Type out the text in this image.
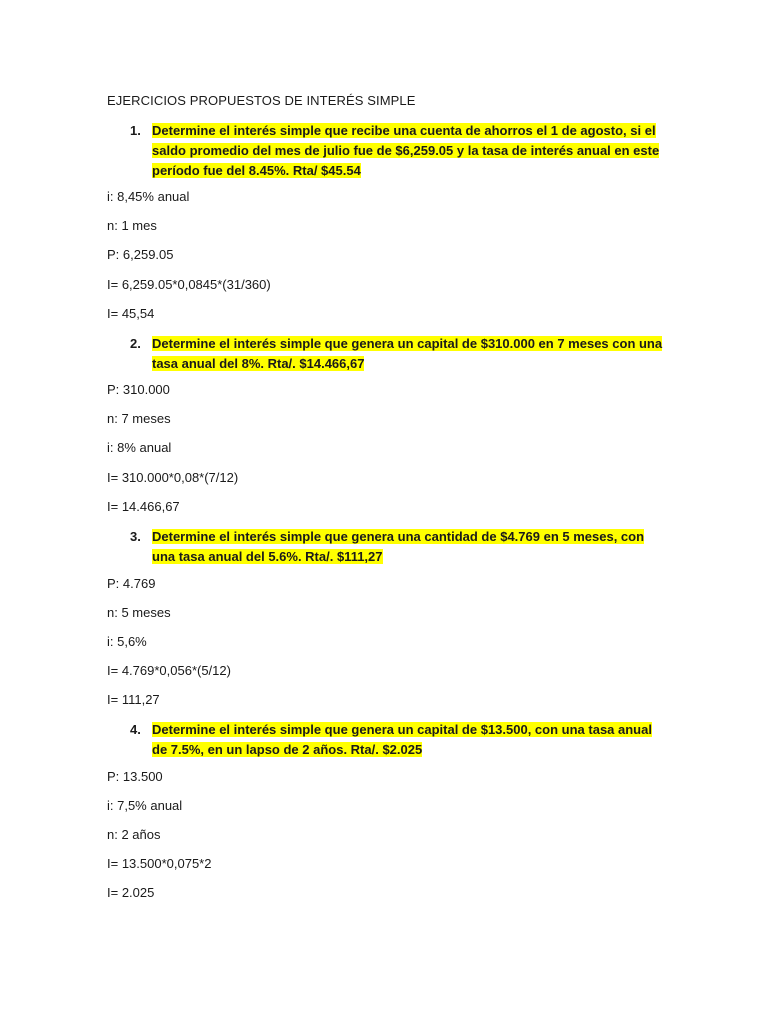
EJERCICIOS PROPUESTOS DE INTERÉS SIMPLE
1. Determine el interés simple que recibe una cuenta de ahorros el 1 de agosto, si el saldo promedio del mes de julio fue de $6,259.05 y la tasa de interés anual en este período fue del 8.45%. Rta/ $45.54
i: 8,45% anual
n: 1 mes
P: 6,259.05
I= 6,259.05*0,0845*(31/360)
I= 45,54
2. Determine el interés simple que genera un capital de $310.000 en 7 meses con una tasa anual del 8%. Rta/. $14.466,67
P: 310.000
n: 7 meses
i: 8% anual
I= 310.000*0,08*(7/12)
I= 14.466,67
3. Determine el interés simple que genera una cantidad de $4.769 en 5 meses, con una tasa anual del 5.6%. Rta/. $111,27
P: 4.769
n: 5 meses
i: 5,6%
I= 4.769*0,056*(5/12)
I= 111,27
4. Determine el interés simple que genera un capital de $13.500, con una tasa anual de 7.5%, en un lapso de 2 años. Rta/. $2.025
P: 13.500
i: 7,5% anual
n: 2 años
I= 13.500*0,075*2
I= 2.025
